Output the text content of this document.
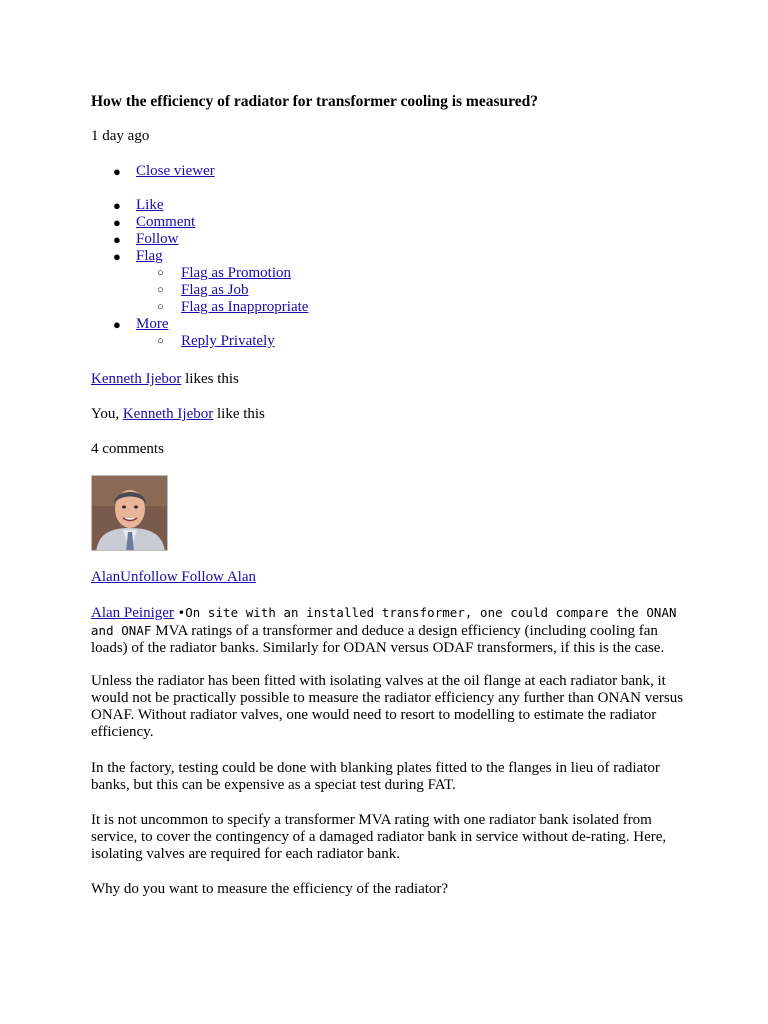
How the efficiency of radiator for transformer cooling is measured?
1 day ago
● Close viewer
● Like
● Comment
● Follow
● Flag
○ Flag as Promotion
○ Flag as Job
○ Flag as Inappropriate
● More
○ Reply Privately
Kenneth Ijebor likes this
You, Kenneth Ijebor like this
4 comments
AlanUnfollow Follow Alan
Alan Peiniger •On site with an installed transformer, one could compare the ONAN and ONAF MVA ratings of a transformer and deduce a design efficiency (including cooling fan loads) of the radiator banks. Similarly for ODAN versus ODAF transformers, if this is the case.
Unless the radiator has been fitted with isolating valves at the oil flange at each radiator bank, it would not be practically possible to measure the radiator efficiency any further than ONAN versus ONAF. Without radiator valves, one would need to resort to modelling to estimate the radiator efficiency.
In the factory, testing could be done with blanking plates fitted to the flanges in lieu of radiator banks, but this can be expensive as a speciat test during FAT.
It is not uncommon to specify a transformer MVA rating with one radiator bank isolated from service, to cover the contingency of a damaged radiator bank in service without de-rating. Here, isolating valves are required for each radiator bank.
Why do you want to measure the efficiency of the radiator?
